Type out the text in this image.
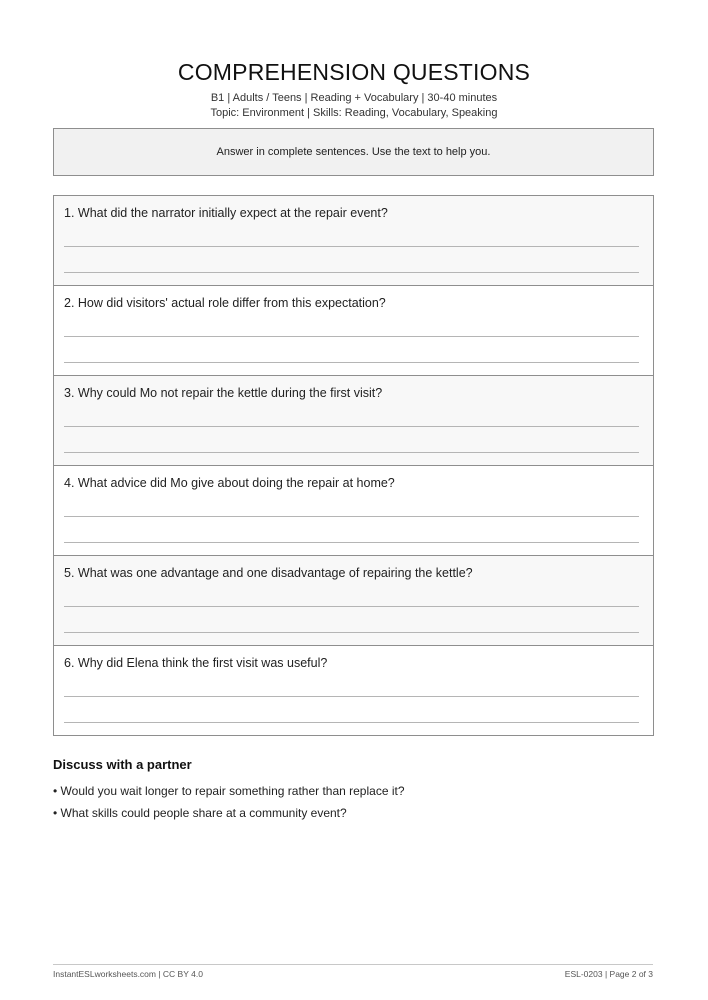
COMPREHENSION QUESTIONS
B1 | Adults / Teens | Reading + Vocabulary | 30-40 minutes
Topic: Environment | Skills: Reading, Vocabulary, Speaking
Answer in complete sentences. Use the text to help you.
1. What did the narrator initially expect at the repair event?
2. How did visitors' actual role differ from this expectation?
3. Why could Mo not repair the kettle during the first visit?
4. What advice did Mo give about doing the repair at home?
5. What was one advantage and one disadvantage of repairing the kettle?
6. Why did Elena think the first visit was useful?
Discuss with a partner
• Would you wait longer to repair something rather than replace it?
• What skills could people share at a community event?
InstantESLworksheets.com | CC BY 4.0	ESL-0203 | Page 2 of 3
